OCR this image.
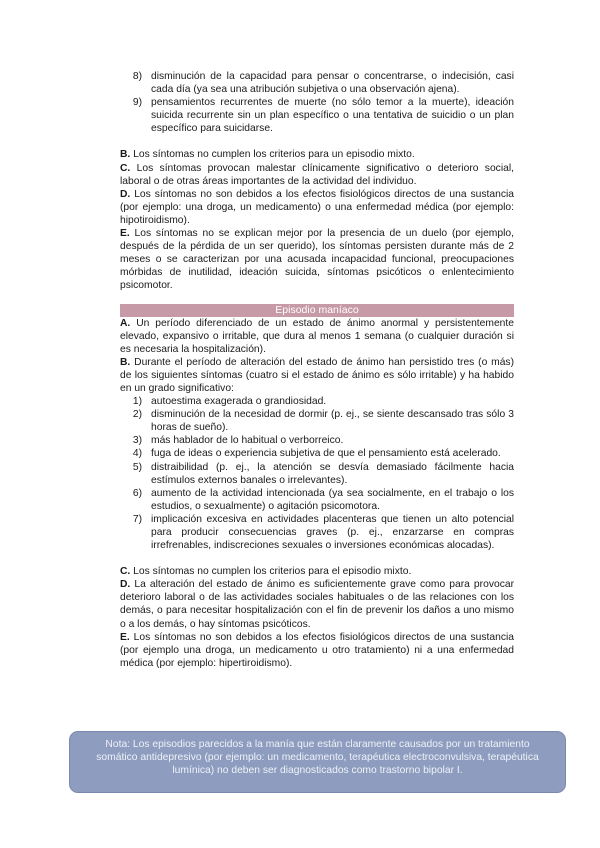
8) disminución de la capacidad para pensar o concentrarse, o indecisión, casi cada día (ya sea una atribución subjetiva o una observación ajena).
9) pensamientos recurrentes de muerte (no sólo temor a la muerte), ideación suicida recurrente sin un plan específico o una tentativa de suicidio o un plan específico para suicidarse.

B. Los síntomas no cumplen los criterios para un episodio mixto.

C. Los síntomas provocan malestar clínicamente significativo o deterioro social, laboral o de otras áreas importantes de la actividad del individuo.

D. Los síntomas no son debidos a los efectos fisiológicos directos de una sustancia (por ejemplo: una droga, un medicamento) o una enfermedad médica (por ejemplo: hipotiroidismo).

E. Los síntomas no se explican mejor por la presencia de un duelo (por ejemplo, después de la pérdida de un ser querido), los síntomas persisten durante más de 2 meses o se caracterizan por una acusada incapacidad funcional, preocupaciones mórbidas de inutilidad, ideación suicida, síntomas psicóticos o enlentecimiento psicomotor.

Episodio maníaco

A. Un período diferenciado de un estado de ánimo anormal y persistentemente elevado, expansivo o irritable, que dura al menos 1 semana (o cualquier duración si es necesaria la hospitalización).

B. Durante el período de alteración del estado de ánimo han persistido tres (o más) de los siguientes síntomas (cuatro si el estado de ánimo es sólo irritable) y ha habido en un grado significativo:

1) autoestima exagerada o grandiosidad.
2) disminución de la necesidad de dormir (p. ej., se siente descansado tras sólo 3 horas de sueño).
3) más hablador de lo habitual o verborreico.
4) fuga de ideas o experiencia subjetiva de que el pensamiento está acelerado.
5) distraibilidad (p. ej., la atención se desvía demasiado fácilmente hacia estímulos externos banales o irrelevantes).
6) aumento de la actividad intencionada (ya sea socialmente, en el trabajo o los estudios, o sexualmente) o agitación psicomotora.
7) implicación excesiva en actividades placenteras que tienen un alto potencial para producir consecuencias graves (p. ej., enzarzarse en compras irrefrenables, indiscreciones sexuales o inversiones económicas alocadas).

C. Los síntomas no cumplen los criterios para el episodio mixto.

D. La alteración del estado de ánimo es suficientemente grave como para provocar deterioro laboral o de las actividades sociales habituales o de las relaciones con los demás, o para necesitar hospitalización con el fin de prevenir los daños a uno mismo o a los demás, o hay síntomas psicóticos.

E. Los síntomas no son debidos a los efectos fisiológicos directos de una sustancia (por ejemplo una droga, un medicamento u otro tratamiento) ni a una enfermedad médica (por ejemplo: hipertiroidismo).

Nota: Los episodios parecidos a la manía que están claramente causados por un tratamiento somático antidepresivo (por ejemplo: un medicamento, terapéutica electroconvulsiva, terapéutica lumínica) no deben ser diagnosticados como trastorno bipolar I.
